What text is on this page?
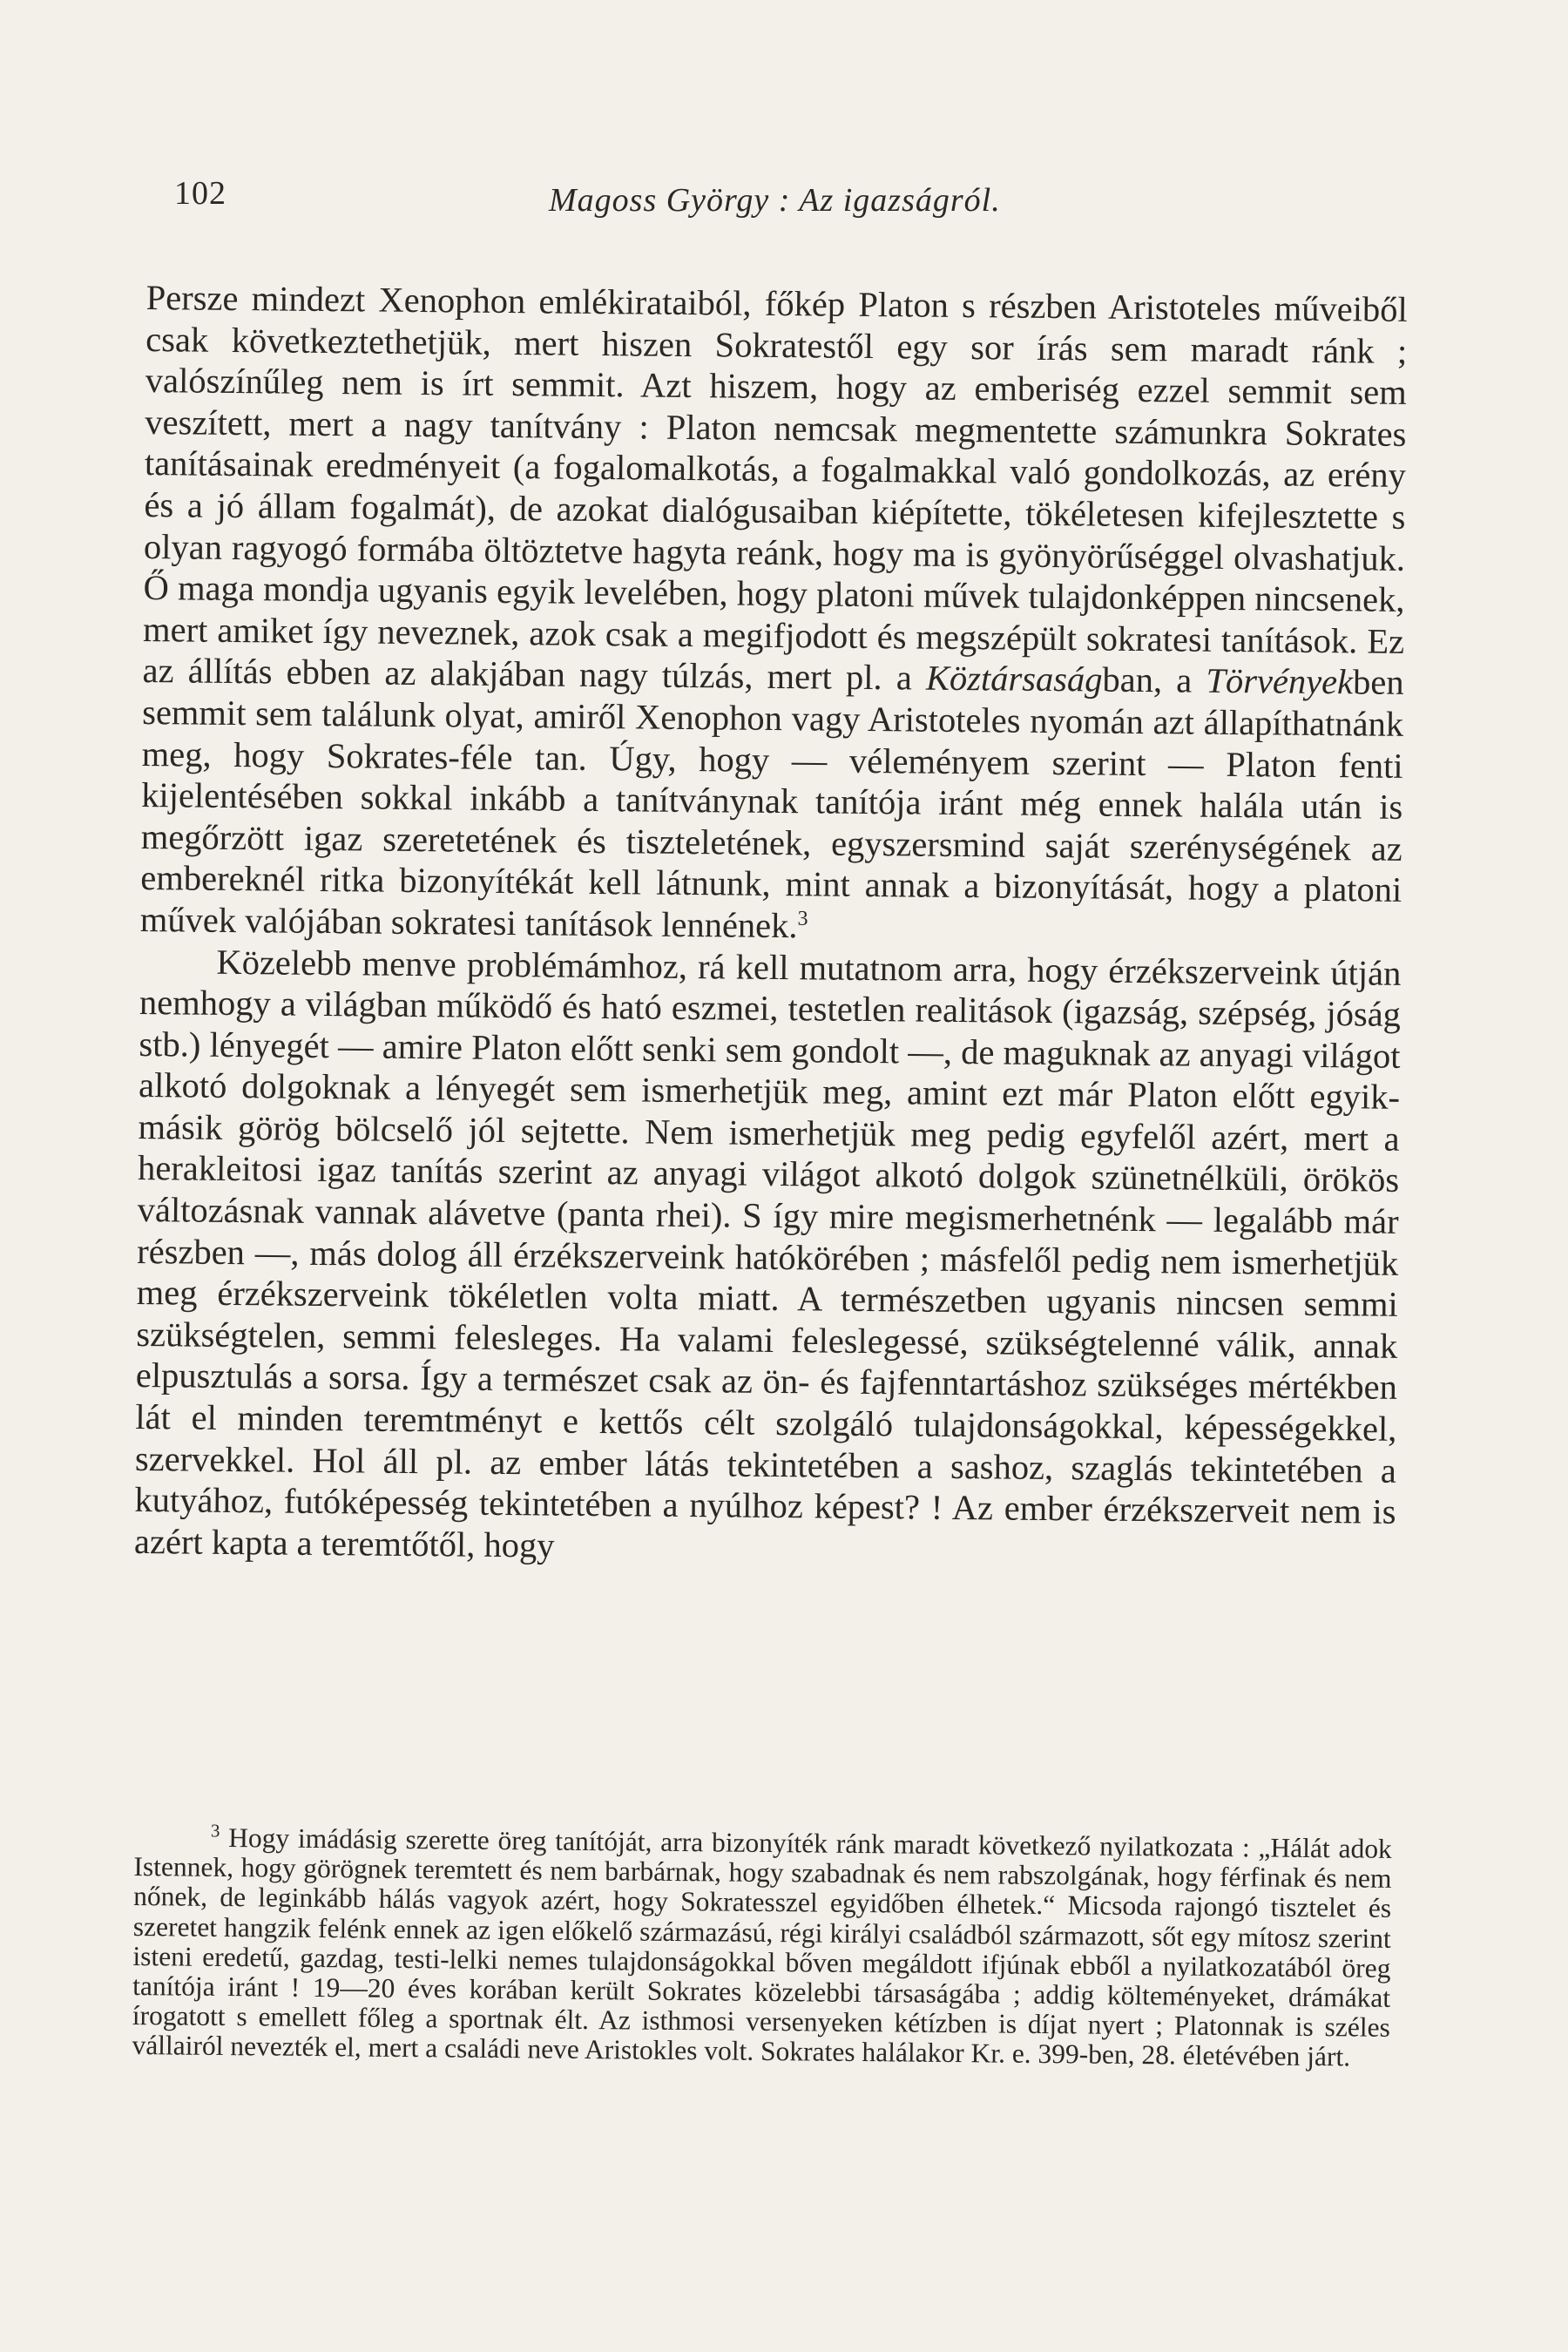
102	Magoss György : Az igazságról.

Persze mindezt Xenophon emlékirataiból, főkép Platon s részben Aristoteles műveiből csak következtethetjük, mert hiszen Sokratestől egy sor írás sem maradt ránk ; valószínűleg nem is írt semmit. Azt hiszem, hogy az emberiség ezzel semmit sem veszített, mert a nagy tanítvány : Platon nemcsak megmentette számunkra Sokrates tanításainak eredményeit (a fogalomalkotás, a fogalmakkal való gondolkozás, az erény és a jó állam fogalmát), de azokat dialógusaiban kiépítette, tökéletesen kifejlesztette s olyan ragyogó formába öltöztetve hagyta reánk, hogy ma is gyönyörűséggel olvashatjuk. Ő maga mondja ugyanis egyik levelében, hogy platoni művek tulajdonképpen nincsenek, mert amiket így neveznek, azok csak a megifjodott és megszépült sokratesi tanítások. Ez az állítás ebben az alakjában nagy túlzás, mert pl. a Köztársaságban, a Törvényekben semmit sem találunk olyat, amiről Xenophon vagy Aristoteles nyomán azt állapíthatnánk meg, hogy Sokrates-féle tan. Úgy, hogy — véleményem szerint — Platon fenti kijelentésében sokkal inkább a tanítványnak tanítója iránt még ennek halála után is megőrzött igaz szeretetének és tiszteletének, egyszersmind saját szerénységének az embereknél ritka bizonyítékát kell látnunk, mint annak a bizonyítását, hogy a platoni művek valójában sokratesi tanítások lennének.$^3$

Közelebb menve problémámhoz, rá kell mutatnom arra, hogy érzékszerveink útján nemhogy a világban működő és ható eszmei, testetlen realitások (igazság, szépség, jóság stb.) lényegét — amire Platon előtt senki sem gondolt —, de maguknak az anyagi világot alkotó dolgoknak a lényegét sem ismerhetjük meg, amint ezt már Platon előtt egyik-másik görög bölcselő jól sejtette. Nem ismerhetjük meg pedig egyfelől azért, mert a herakleitosi igaz tanítás szerint az anyagi világot alkotó dolgok szünetnélküli, örökös változásnak vannak alávetve (panta rhei). S így mire megismerhetnénk — legalább már részben —, más dolog áll érzékszerveink hatókörében ; másfelől pedig nem ismerhetjük meg érzékszerveink tökéletlen volta miatt. A természetben ugyanis nincsen semmi szükségtelen, semmi felesleges. Ha valami feleslegessé, szükségtelenné válik, annak elpusztulás a sorsa. Így a természet csak az ön- és fajfenntartáshoz szükséges mértékben lát el minden teremtményt e kettős célt szolgáló tulajdonságokkal, képességekkel, szervekkel. Hol áll pl. az ember látás tekintetében a sashoz, szaglás tekintetében a kutyához, futóképesség tekintetében a nyúlhoz képest? ! Az ember érzékszerveit nem is azért kapta a teremtőtől, hogy

$^3$ Hogy imádásig szerette öreg tanítóját, arra bizonyíték ránk maradt következő nyilatkozata : „Hálát adok Istennek, hogy görögnek teremtett és nem barbárnak, hogy szabadnak és nem rabszolgának, hogy férfinak és nem nőnek, de leginkább hálás vagyok azért, hogy Sokratesszel egyidőben élhetek.“ Micsoda rajongó tisztelet és szeretet hangzik felénk ennek az igen előkelő származású, régi királyi családból származott, sőt egy mítosz szerint isteni eredetű, gazdag, testi-lelki nemes tulajdonságokkal bőven megáldott ifjúnak ebből a nyilatkozatából öreg tanítója iránt ! 19—20 éves korában került Sokrates közelebbi társaságába ; addig költeményeket, drámákat írogatott s emellett főleg a sportnak élt. Az isthmosi versenyeken kétízben is díjat nyert ; Platonnak is széles vállairól nevezték el, mert a családi neve Aristokles volt. Sokrates halálakor Kr. e. 399-ben, 28. életévében járt.
